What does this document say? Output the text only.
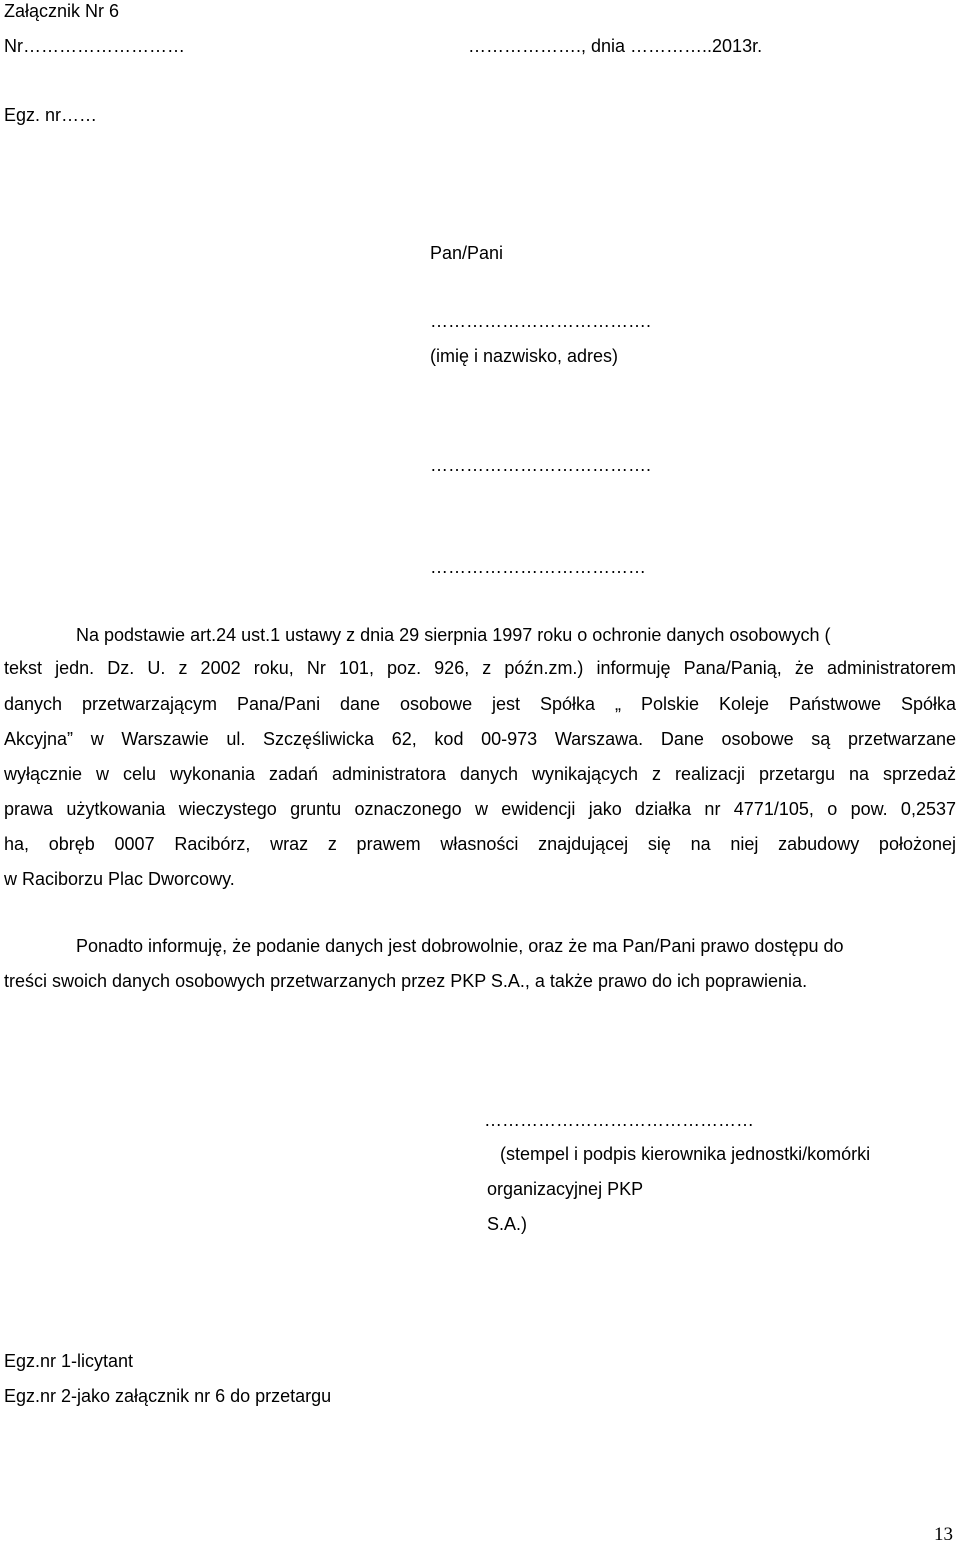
Załącznik Nr 6
Nr………………………	………………., dnia …………..2013r.
Egz. nr……
Pan/Pani
……………………………….
(imię i nazwisko, adres)
……………………………….
………………………………
Na podstawie art.24 ust.1 ustawy z dnia 29 sierpnia 1997 roku o ochronie danych osobowych (
tekst jedn. Dz. U. z 2002 roku, Nr 101, poz. 926, z późn.zm.) informuję Pana/Panią, że administratorem
danych przetwarzającym Pana/Pani dane osobowe jest Spółka „ Polskie Koleje Państwowe Spółka
Akcyjna” w Warszawie ul. Szczęśliwicka 62, kod 00-973 Warszawa. Dane osobowe są przetwarzane
wyłącznie w celu wykonania zadań administratora danych wynikających z realizacji przetargu na sprzedaż
prawa użytkowania wieczystego gruntu oznaczonego w ewidencji jako działka nr 4771/105, o pow. 0,2537
ha, obręb 0007 Racibórz, wraz z prawem własności znajdującej się na niej zabudowy położonej
w Raciborzu Plac Dworcowy.
Ponadto informuję, że podanie danych jest dobrowolnie, oraz że ma Pan/Pani prawo dostępu do
treści swoich danych osobowych przetwarzanych przez PKP S.A., a także prawo do ich poprawienia.
………………………………………
(stempel i podpis kierownika jednostki/komórki
organizacyjnej PKP
S.A.)
Egz.nr 1-licytant
Egz.nr 2-jako załącznik nr 6 do przetargu
13
